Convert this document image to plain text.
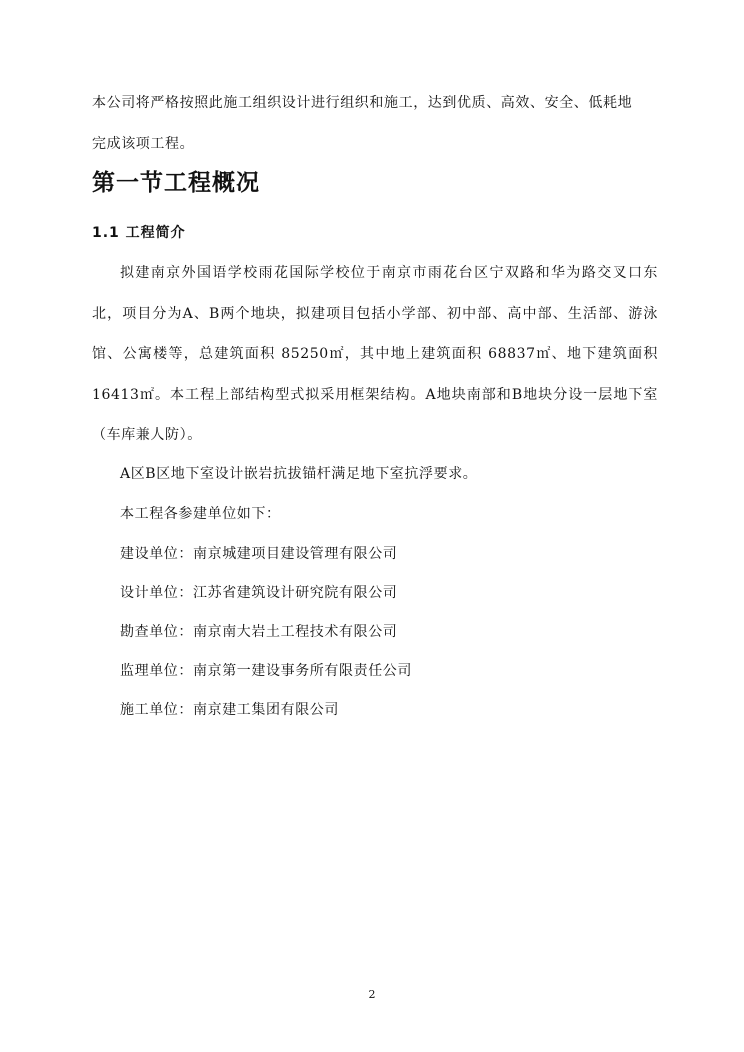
本公司将严格按照此施工组织设计进行组织和施工，达到优质、高效、安全、低耗地
完成该项工程。

第一节工程概况
1.1 工程简介

拟建南京外国语学校雨花国际学校位于南京市雨花台区宁双路和华为路交叉口东北，项目分为A、B两个地块，拟建项目包括小学部、初中部、高中部、生活部、游泳馆、公寓楼等，总建筑面积 85250㎡，其中地上建筑面积 68837㎡、地下建筑面积 16413㎡。本工程上部结构型式拟采用框架结构。A地块南部和B地块分设一层地下室（车库兼人防）。

A区B区地下室设计嵌岩抗拔锚杆满足地下室抗浮要求。

本工程各参建单位如下：

建设单位：南京城建项目建设管理有限公司

设计单位：江苏省建筑设计研究院有限公司

勘查单位：南京南大岩土工程技术有限公司

监理单位：南京第一建设事务所有限责任公司

施工单位：南京建工集团有限公司

2
